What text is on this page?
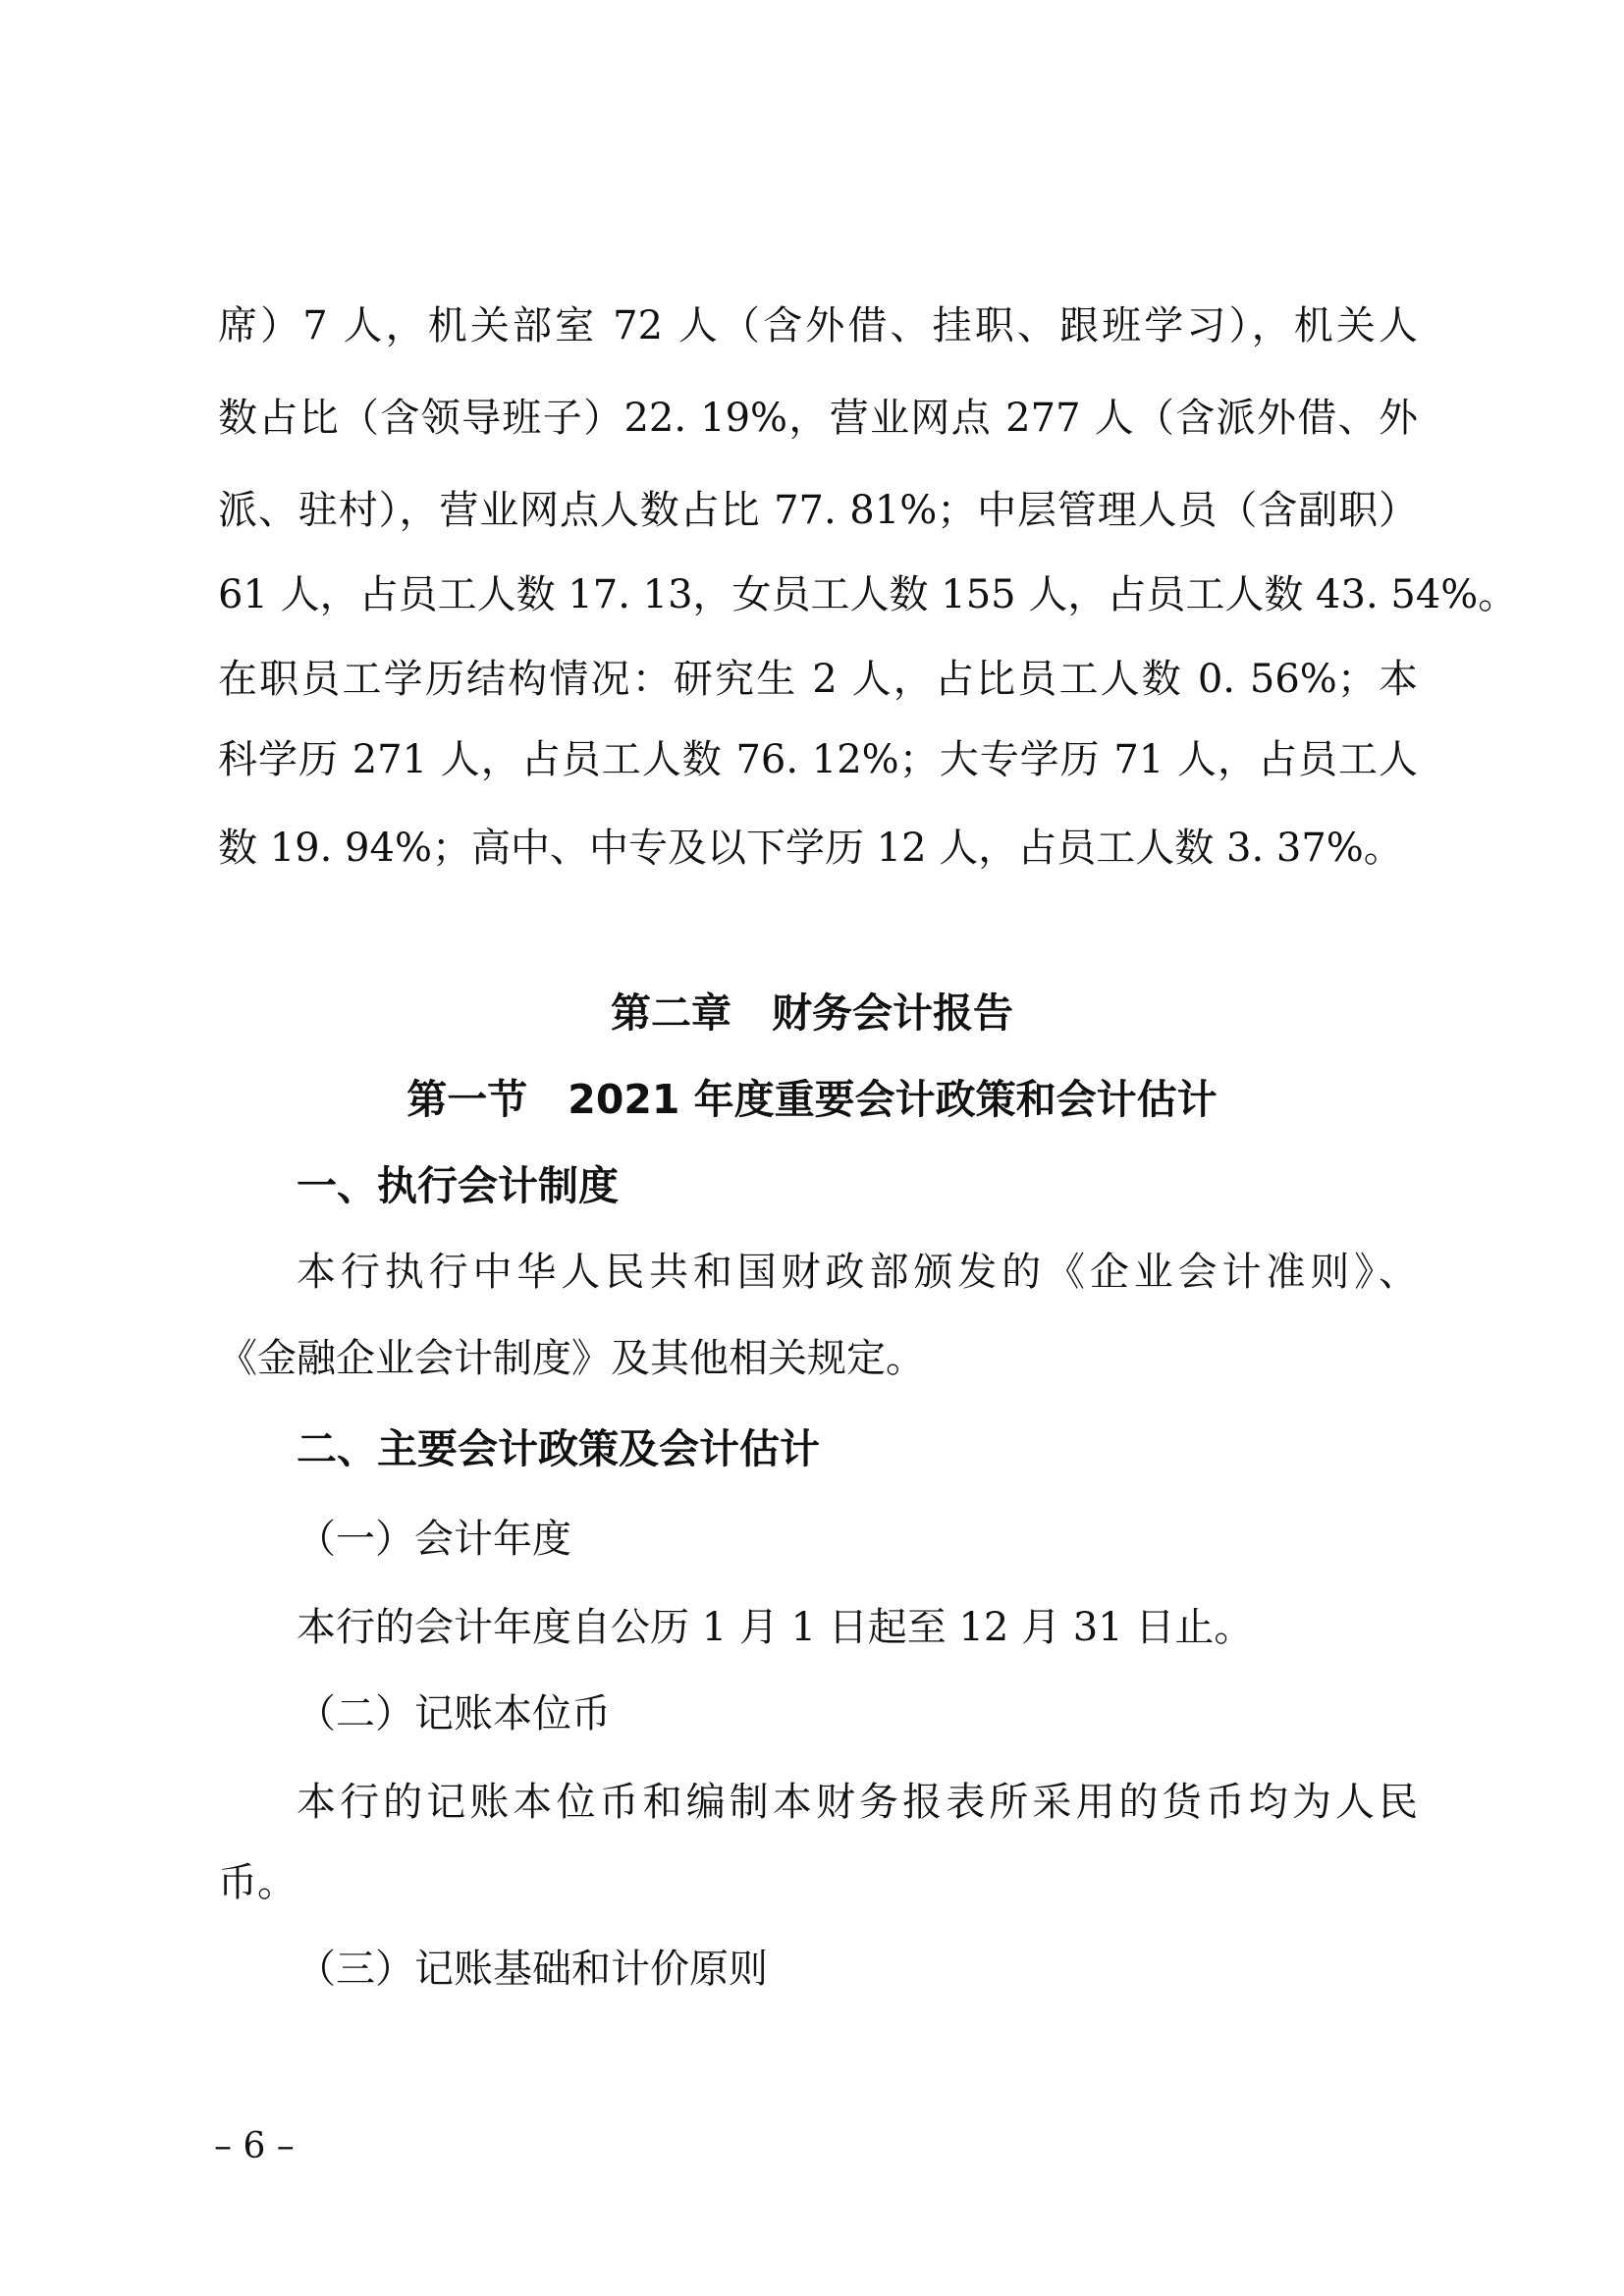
席）7 人，机关部室 72 人（含外借、挂职、跟班学习），机关人
数占比（含领导班子）22. 19%，营业网点 277 人（含派外借、外
派、驻村），营业网点人数占比 77. 81%；中层管理人员（含副职）
61 人，占员工人数 17. 13，女员工人数 155 人，占员工人数 43. 54%。
在职员工学历结构情况：研究生 2 人，占比员工人数 0. 56%；本
科学历 271 人，占员工人数 76. 12%；大专学历 71 人，占员工人
数 19. 94%；高中、中专及以下学历 12 人，占员工人数 3. 37%。
第二章　财务会计报告
第一节　2021 年度重要会计政策和会计估计
一、执行会计制度
本行执行中华人民共和国财政部颁发的《企业会计准则》、
《金融企业会计制度》及其他相关规定。
二、主要会计政策及会计估计
（一）会计年度
本行的会计年度自公历 1 月 1 日起至 12 月 31 日止。
（二）记账本位币
本行的记账本位币和编制本财务报表所采用的货币均为人民
币。
（三）记账基础和计价原则
– 6 –
